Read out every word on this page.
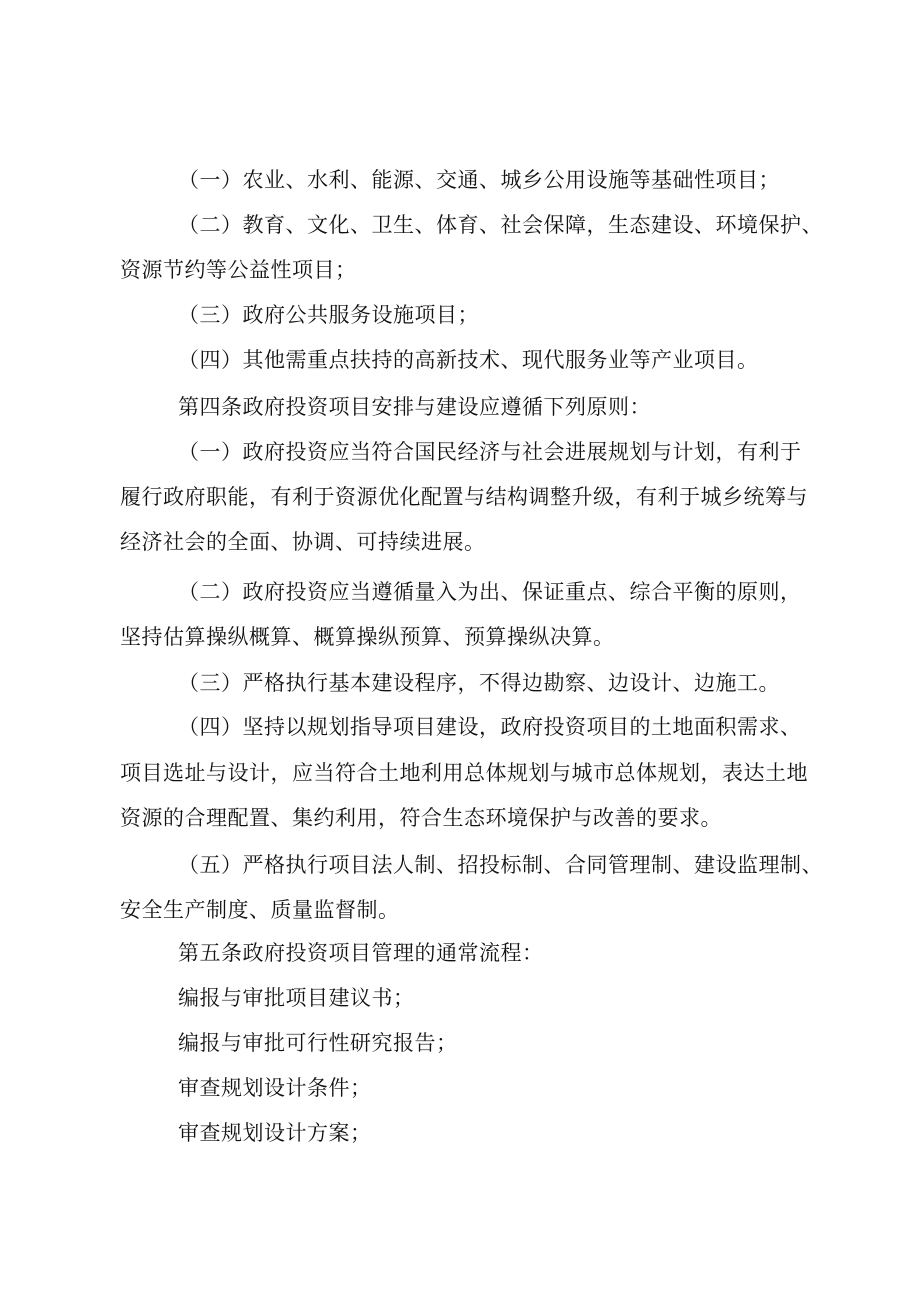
（一）农业、水利、能源、交通、城乡公用设施等基础性项目；
（二）教育、文化、卫生、体育、社会保障，生态建设、环境保护、
资源节约等公益性项目；
（三）政府公共服务设施项目；
（四）其他需重点扶持的高新技术、现代服务业等产业项目。
第四条政府投资项目安排与建设应遵循下列原则：
（一）政府投资应当符合国民经济与社会进展规划与计划，有利于
履行政府职能，有利于资源优化配置与结构调整升级，有利于城乡统筹与
经济社会的全面、协调、可持续进展。
（二）政府投资应当遵循量入为出、保证重点、综合平衡的原则，
坚持估算操纵概算、概算操纵预算、预算操纵决算。
（三）严格执行基本建设程序，不得边勘察、边设计、边施工。
（四）坚持以规划指导项目建设，政府投资项目的土地面积需求、
项目选址与设计，应当符合土地利用总体规划与城市总体规划，表达土地
资源的合理配置、集约利用，符合生态环境保护与改善的要求。
（五）严格执行项目法人制、招投标制、合同管理制、建设监理制、
安全生产制度、质量监督制。
第五条政府投资项目管理的通常流程：
编报与审批项目建议书；
编报与审批可行性研究报告；
审查规划设计条件；
审查规划设计方案；
